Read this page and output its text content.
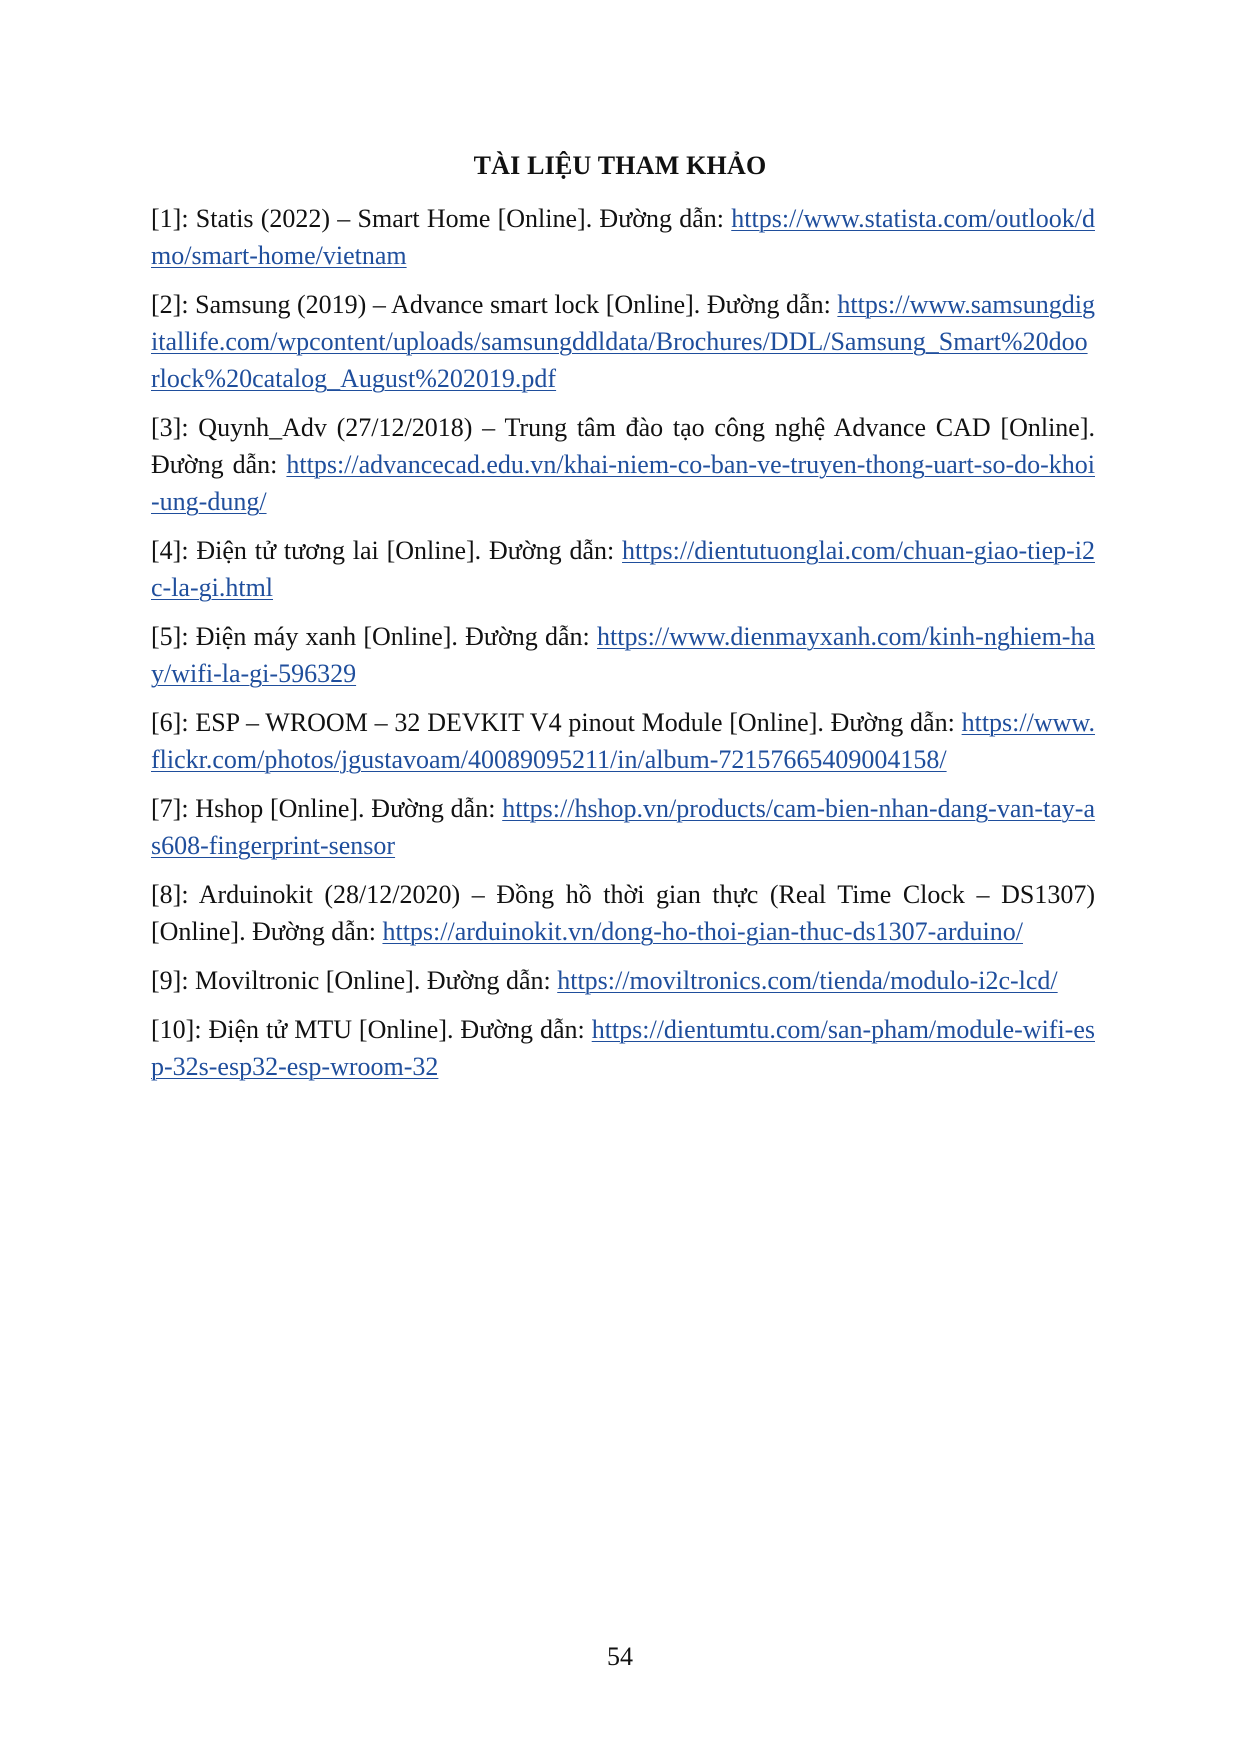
TÀI LIỆU THAM KHẢO

[1]: Statis (2022) – Smart Home [Online]. Đường dẫn: https://www.statista.com/outlook/dmo/smart-home/vietnam

[2]: Samsung (2019) – Advance smart lock [Online]. Đường dẫn: https://www.samsungdigitallife.com/wpcontent/uploads/samsungddldata/Brochures/DDL/Samsung_Smart%20doorlock%20catalog_August%202019.pdf

[3]: Quynh_Adv (27/12/2018) – Trung tâm đào tạo công nghệ Advance CAD [Online]. Đường dẫn: https://advancecad.edu.vn/khai-niem-co-ban-ve-truyen-thong-uart-so-do-khoi-ung-dung/

[4]: Điện tử tương lai [Online]. Đường dẫn: https://dientutuonglai.com/chuan-giao-tiep-i2c-la-gi.html

[5]: Điện máy xanh [Online]. Đường dẫn: https://www.dienmayxanh.com/kinh-nghiem-hay/wifi-la-gi-596329

[6]: ESP – WROOM – 32 DEVKIT V4 pinout Module [Online]. Đường dẫn: https://www.flickr.com/photos/jgustavoam/40089095211/in/album-72157665409004158/

[7]: Hshop [Online]. Đường dẫn: https://hshop.vn/products/cam-bien-nhan-dang-van-tay-as608-fingerprint-sensor

[8]: Arduinokit (28/12/2020) – Đồng hồ thời gian thực (Real Time Clock – DS1307) [Online]. Đường dẫn: https://arduinokit.vn/dong-ho-thoi-gian-thuc-ds1307-arduino/

[9]: Moviltronic [Online]. Đường dẫn: https://moviltronics.com/tienda/modulo-i2c-lcd/

[10]: Điện tử MTU [Online]. Đường dẫn: https://dientumtu.com/san-pham/module-wifi-esp-32s-esp32-esp-wroom-32

54
